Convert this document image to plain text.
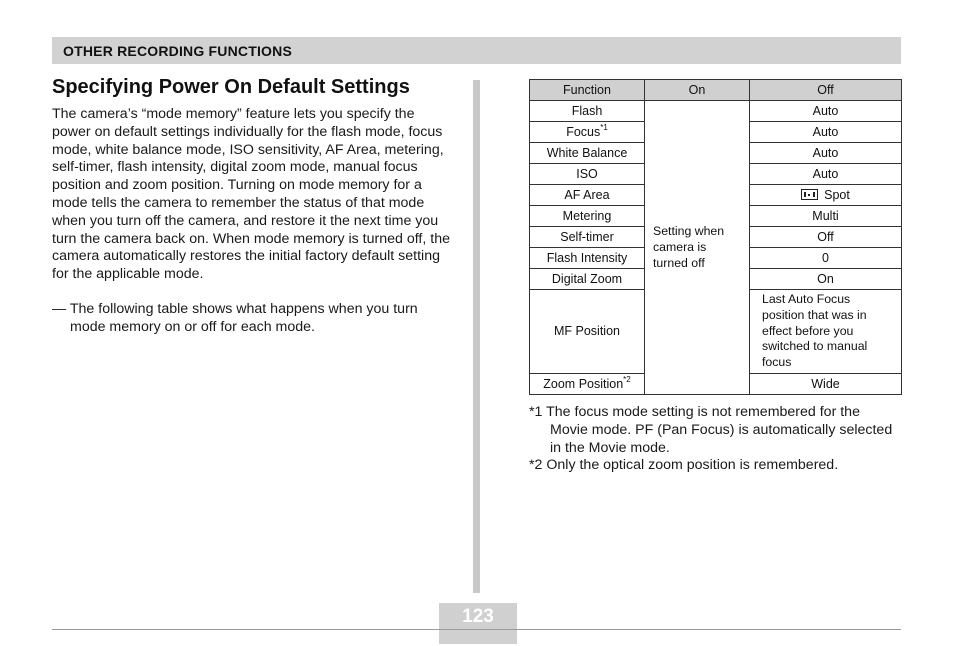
OTHER RECORDING FUNCTIONS
Specifying Power On Default Settings

The camera’s “mode memory” feature lets you specify the power on default settings individually for the flash mode, focus mode, white balance mode, ISO sensitivity, AF Area, metering, self-timer, flash intensity, digital zoom mode, manual focus position and zoom position. Turning on mode memory for a mode tells the camera to remember the status of that mode when you turn off the camera, and restore it the next time you turn the camera back on. When mode memory is turned off, the camera automatically restores the initial factory default setting for the applicable mode.

— The following table shows what happens when you turn mode memory on or off for each mode.

Function	On	Off
Flash	Setting when camera is turned off	Auto
Focus$^{*1}$		Auto
White Balance		Auto
ISO		Auto
AF Area		Spot
Metering		Multi
Self-timer		Off
Flash Intensity		0
Digital Zoom		On
MF Position		Last Auto Focus position that was in effect before you switched to manual focus
Zoom Position$^{*2}$		Wide

*1 The focus mode setting is not remembered for the Movie mode. PF (Pan Focus) is automatically selected in the Movie mode.

*2 Only the optical zoom position is remembered.

123
